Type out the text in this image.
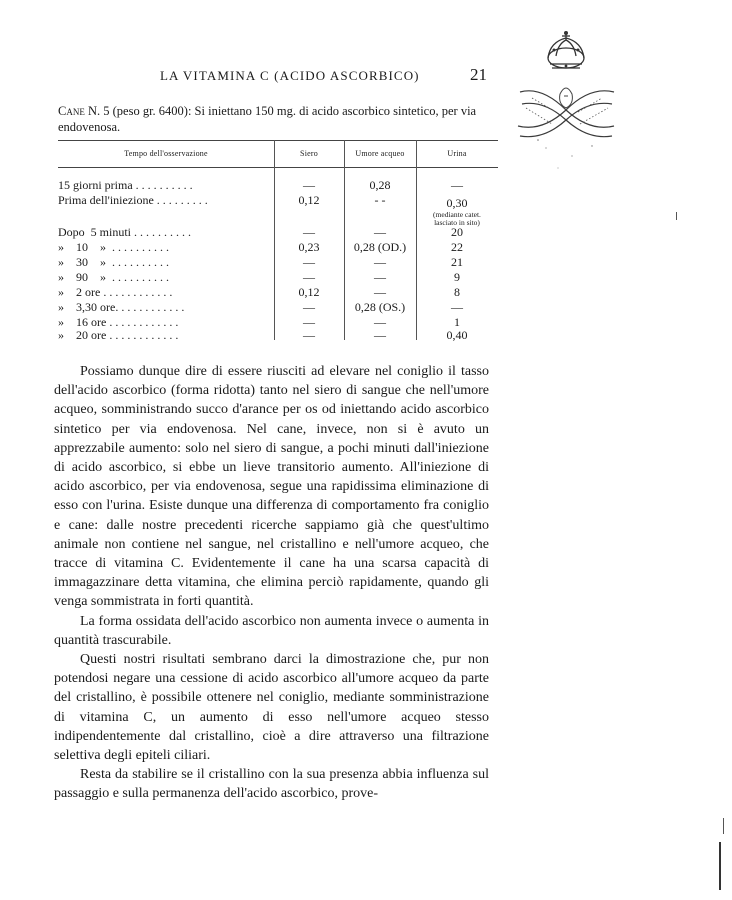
LA VITAMINA C (ACIDO ASCORBICO)	21
Cane N. 5 (peso gr. 6400): Si iniettano 150 mg. di acido ascorbico sintetico, per via endovenosa.
Tempo dell'osservazione	Siero	Umore acqueo	Urina
15 giorni prima . . . . . . . . . .	—	0,28	—
Prima dell'iniezione . . . . . . . . .	0,12	- -	0,30
(mediante catet.
lasciato in sito)
Dopo  5 minuti . . . . . . . . . .	—	—	20
»    10    »  . . . . . . . . . .	0,23	0,28 (OD.)	22
»    30    »  . . . . . . . . . .	—	—	21
»    90    »  . . . . . . . . . .	—	—	9
»    2 ore . . . . . . . . . . . .	0,12	—	8
»    3,30 ore. . . . . . . . . . . .	—	0,28 (OS.)	—
»    16 ore . . . . . . . . . . . .	—	—	1
»    20 ore . . . . . . . . . . . .	—	—	0,40

Possiamo dunque dire di essere riusciti ad elevare nel coniglio il tasso dell'acido ascorbico (forma ridotta) tanto nel siero di sangue che nell'umore acqueo, somministrando succo d'arance per os od iniettando acido ascorbico sintetico per via endovenosa. Nel cane, invece, non si è avuto un apprezzabile aumento: solo nel siero di sangue, a pochi minuti dall'iniezione di acido ascorbico, si ebbe un lieve transitorio aumento. All'iniezione di acido ascorbico, per via endovenosa, segue una rapidissima eliminazione di esso con l'urina. Esiste dunque una differenza di comportamento fra coniglio e cane: dalle nostre precedenti ricerche sappiamo già che quest'ultimo animale non contiene nel sangue, nel cristallino e nell'umore acqueo, che tracce di vitamina C. Evidentemente il cane ha una scarsa capacità di immagazzinare detta vitamina, che elimina perciò rapidamente, quando gli venga sommistrata in forti quantità.

La forma ossidata dell'acido ascorbico non aumenta invece o aumenta in quantità trascurabile.

Questi nostri risultati sembrano darci la dimostrazione che, pur non potendosi negare una cessione di acido ascorbico all'umore acqueo da parte del cristallino, è possibile ottenere nel coniglio, mediante somministrazione di vitamina C, un aumento di esso nell'umore acqueo stesso indipendentemente dal cristallino, cioè a dire attraverso una filtrazione selettiva degli epiteli ciliari.

Resta da stabilire se il cristallino con la sua presenza abbia influenza sul passaggio e sulla permanenza dell'acido ascorbico, prove-
